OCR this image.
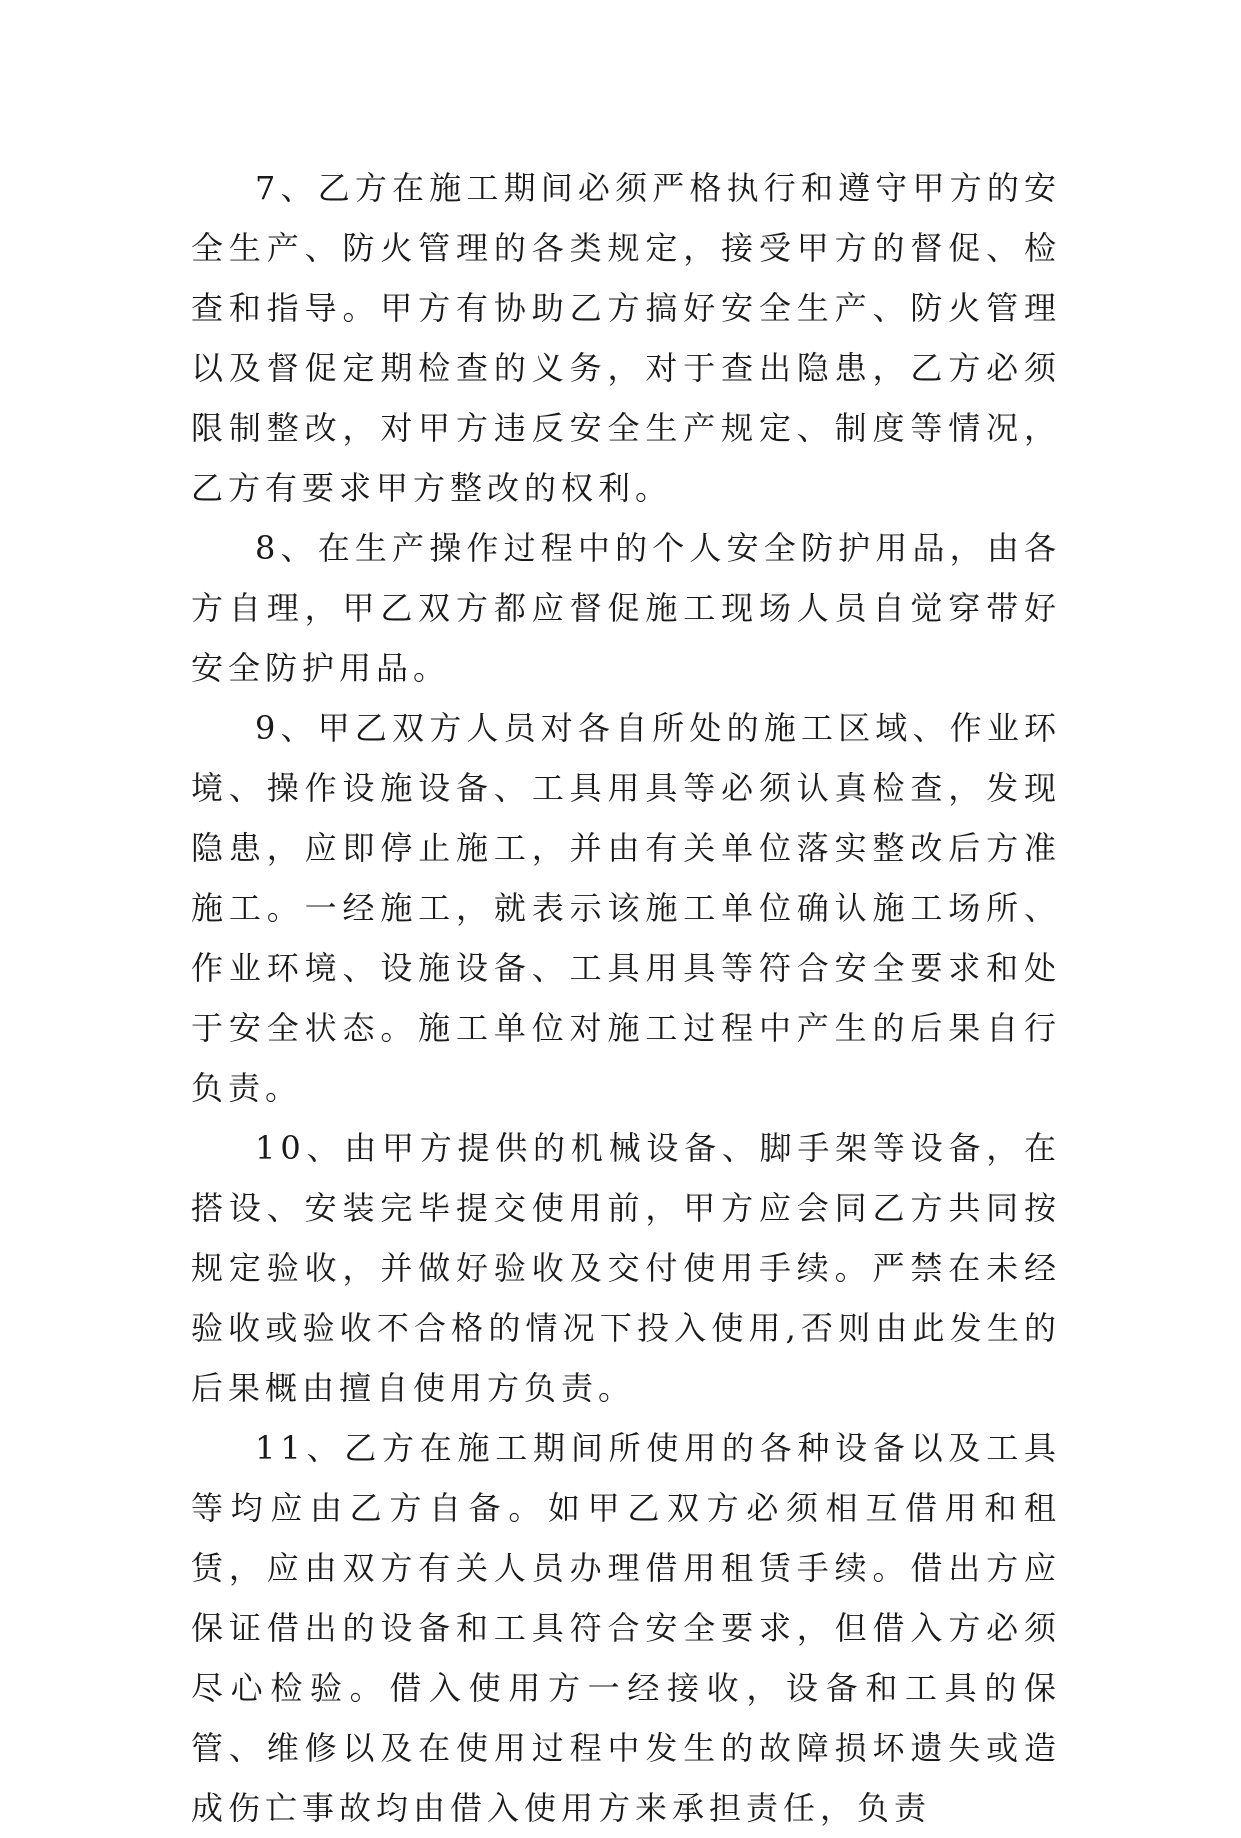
7、乙方在施工期间必须严格执行和遵守甲方的安全生产、防火管理的各类规定，接受甲方的督促、检查和指导。甲方有协助乙方搞好安全生产、防火管理以及督促定期检查的义务，对于查出隐患，乙方必须限制整改，对甲方违反安全生产规定、制度等情况，乙方有要求甲方整改的权利。

8、在生产操作过程中的个人安全防护用品，由各方自理，甲乙双方都应督促施工现场人员自觉穿带好安全防护用品。

9、甲乙双方人员对各自所处的施工区域、作业环境、操作设施设备、工具用具等必须认真检查，发现隐患，应即停止施工，并由有关单位落实整改后方准施工。一经施工，就表示该施工单位确认施工场所、作业环境、设施设备、工具用具等符合安全要求和处于安全状态。施工单位对施工过程中产生的后果自行负责。

10、由甲方提供的机械设备、脚手架等设备，在搭设、安装完毕提交使用前，甲方应会同乙方共同按规定验收，并做好验收及交付使用手续。严禁在未经验收或验收不合格的情况下投入使用,否则由此发生的后果概由擅自使用方负责。

11、乙方在施工期间所使用的各种设备以及工具等均应由乙方自备。如甲乙双方必须相互借用和租赁，应由双方有关人员办理借用租赁手续。借出方应保证借出的设备和工具符合安全要求，但借入方必须尽心检验。借入使用方一经接收，设备和工具的保管、维修以及在使用过程中发生的故障损坏遗失或造成伤亡事故均由借入使用方来承担责任，负责
